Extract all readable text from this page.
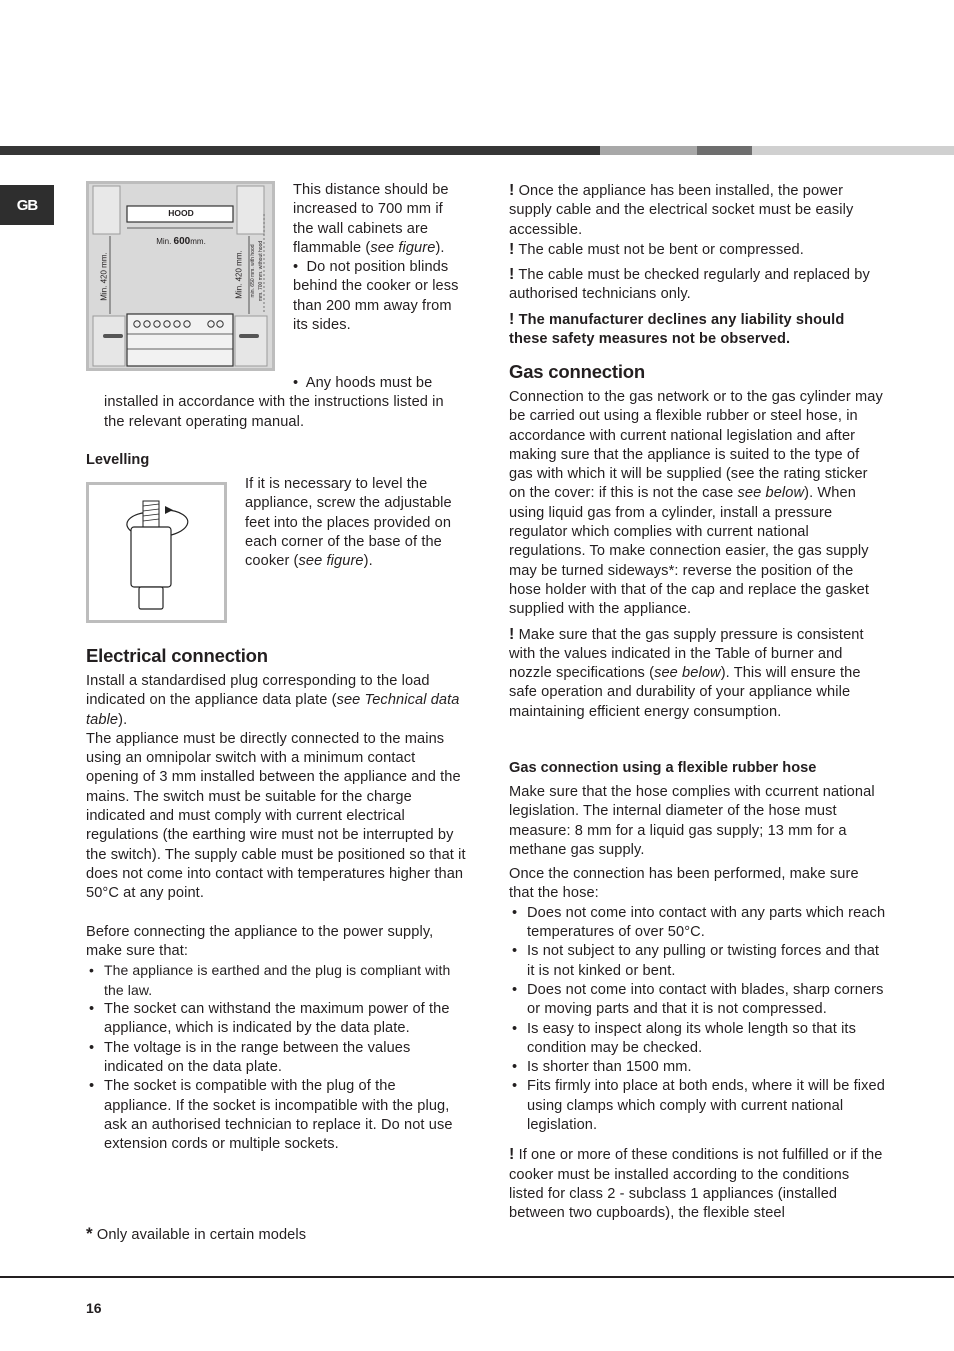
GB	HOOD
Min. 600mm.
Min. 420 mm.	Min. 420 mm. min. 650 mm. with hood mm. 700 mm. without hood

This distance should be increased to 700 mm if the wall cabinets are flammable (see figure).

• Do not position blinds behind the cooker or less than 200 mm away from its sides.

• Any hoods must be installed in accordance with the instructions listed in the relevant operating manual.
Levelling

If it is necessary to level the appliance, screw the adjustable feet into the places provided on each corner of the base of the cooker (see figure).

Electrical connection

Install a standardised plug corresponding to the load indicated on the appliance data plate (see Technical data table).

The appliance must be directly connected to the mains using an omnipolar switch with a minimum contact opening of 3 mm installed between the appliance and the mains. The switch must be suitable for the charge indicated and must comply with current electrical regulations (the earthing wire must not be interrupted by the switch). The supply cable must be positioned so that it does not come into contact with temperatures higher than 50°C at any point.

Before connecting the appliance to the power supply, make sure that:

• The appliance is earthed and the plug is compliant with the law.
• The socket can withstand the maximum power of the appliance, which is indicated by the data plate.
• The voltage is in the range between the values indicated on the data plate.
• The socket is compatible with the plug of the appliance. If the socket is incompatible with the plug, ask an authorised technician to replace it. Do not use extension cords or multiple sockets.
* Only available in certain models

! Once the appliance has been installed, the power supply cable and the electrical socket must be easily accessible.

! The cable must not be bent or compressed.

! The cable must be checked regularly and replaced by authorised technicians only.

! The manufacturer declines any liability should these safety measures not be observed.

Gas connection

Connection to the gas network or to the gas cylinder may be carried out using a flexible rubber or steel hose, in accordance with current national legislation and after making sure that the appliance is suited to the type of gas with which it will be supplied (see the rating sticker on the cover: if this is not the case see below). When using liquid gas from a cylinder, install a pressure regulator which complies with current national regulations. To make connection easier, the gas supply may be turned sideways*: reverse the position of the hose holder with that of the cap and replace the gasket supplied with the appliance.

! Make sure that the gas supply pressure is consistent with the values indicated in the Table of burner and nozzle specifications (see below). This will ensure the safe operation and durability of your appliance while maintaining efficient energy consumption.

Gas connection using a flexible rubber hose

Make sure that the hose complies with ccurrent national legislation. The internal diameter of the hose must measure: 8 mm for a liquid gas supply; 13 mm for a methane gas supply.

Once the connection has been performed, make sure that the hose:

• Does not come into contact with any parts which reach temperatures of over 50°C.
• Is not subject to any pulling or twisting forces and that it is not kinked or bent.
• Does not come into contact with blades, sharp corners or moving parts and that it is not compressed.
• Is easy to inspect along its whole length so that its condition may be checked.
• Is shorter than 1500 mm.
• Fits firmly into place at both ends, where it will be fixed using clamps which comply with current national legislation.

! If one or more of these conditions is not fulfilled or if the cooker must be installed according to the conditions listed for class 2 - subclass 1 appliances (installed between two cupboards), the flexible steel

16
